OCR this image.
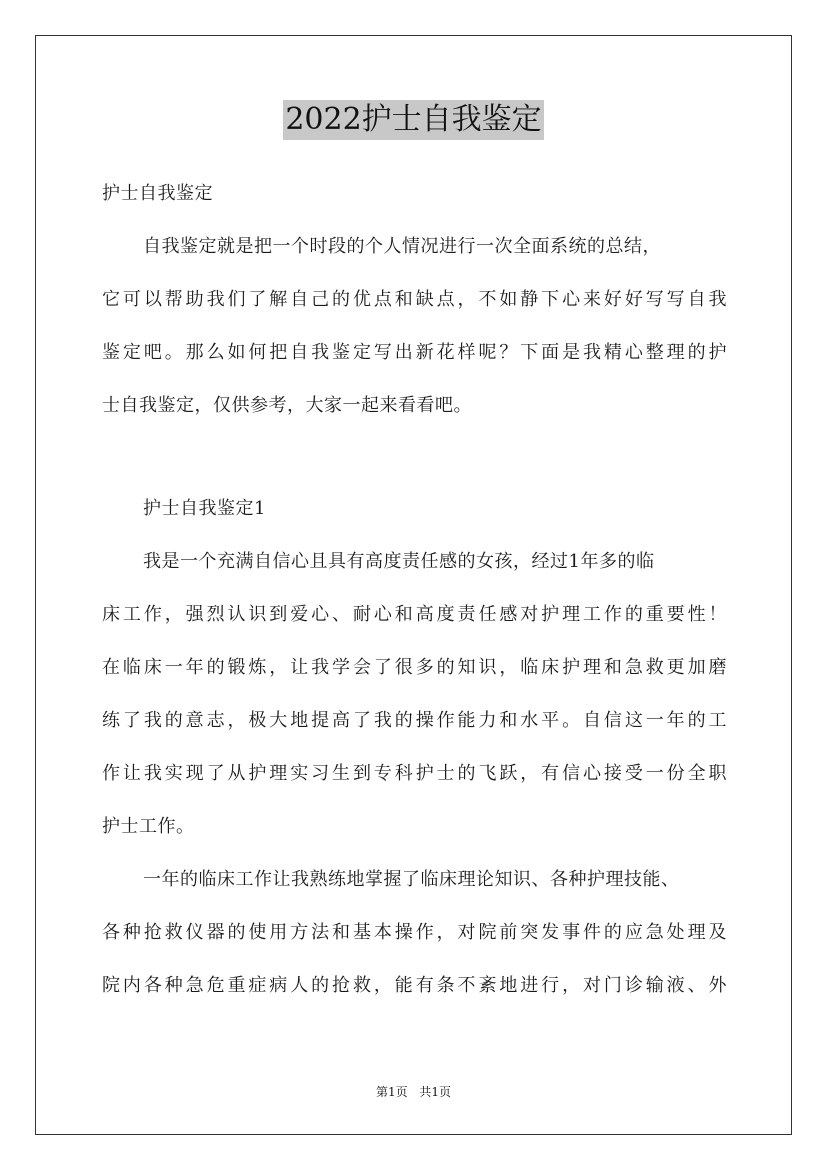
2022护士自我鉴定
护士自我鉴定
自我鉴定就是把一个时段的个人情况进行一次全面系统的总结，
它可以帮助我们了解自己的优点和缺点，不如静下心来好好写写自我
鉴定吧。那么如何把自我鉴定写出新花样呢？下面是我精心整理的护
士自我鉴定，仅供参考，大家一起来看看吧。
护士自我鉴定1
我是一个充满自信心且具有高度责任感的女孩，经过1年多的临
床工作，强烈认识到爱心、耐心和高度责任感对护理工作的重要性！
在临床一年的锻炼，让我学会了很多的知识，临床护理和急救更加磨
练了我的意志，极大地提高了我的操作能力和水平。自信这一年的工
作让我实现了从护理实习生到专科护士的飞跃，有信心接受一份全职
护士工作。
一年的临床工作让我熟练地掌握了临床理论知识、各种护理技能、
各种抢救仪器的使用方法和基本操作，对院前突发事件的应急处理及
院内各种急危重症病人的抢救，能有条不紊地进行，对门诊输液、外
第1页 共1页
